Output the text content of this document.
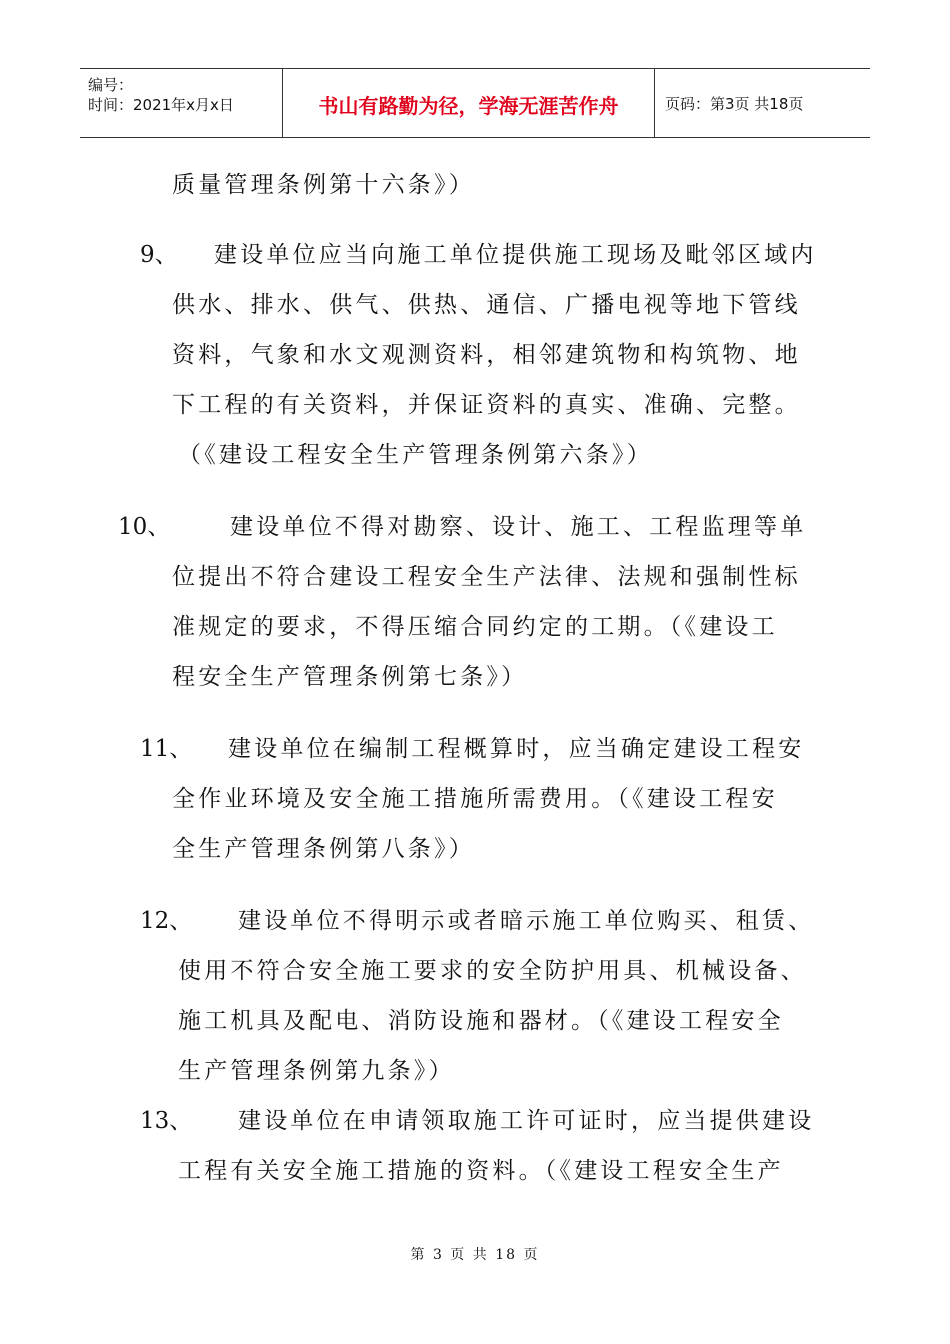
编号：
时间：2021年x月x日	书山有路勤为径，学海无涯苦作舟	页码：第3页 共18页
质量管理条例第十六条》）
9、 建设单位应当向施工单位提供施工现场及毗邻区域内
供水、排水、供气、供热、通信、广播电视等地下管线
资料，气象和水文观测资料，相邻建筑物和构筑物、地
下工程的有关资料，并保证资料的真实、准确、完整。
（《建设工程安全生产管理条例第六条》）
10、	建设单位不得对勘察、设计、施工、工程监理等单
位提出不符合建设工程安全生产法律、法规和强制性标
准规定的要求，不得压缩合同约定的工期。（《建设工
程安全生产管理条例第七条》）
11、 建设单位在编制工程概算时，应当确定建设工程安
全作业环境及安全施工措施所需费用。（《建设工程安
全生产管理条例第八条》）
12、 建设单位不得明示或者暗示施工单位购买、租赁、
使用不符合安全施工要求的安全防护用具、机械设备、
施工机具及配电、消防设施和器材。（《建设工程安全
生产管理条例第九条》）
13、 建设单位在申请领取施工许可证时，应当提供建设
工程有关安全施工措施的资料。（《建设工程安全生产
第 3 页 共 18 页
